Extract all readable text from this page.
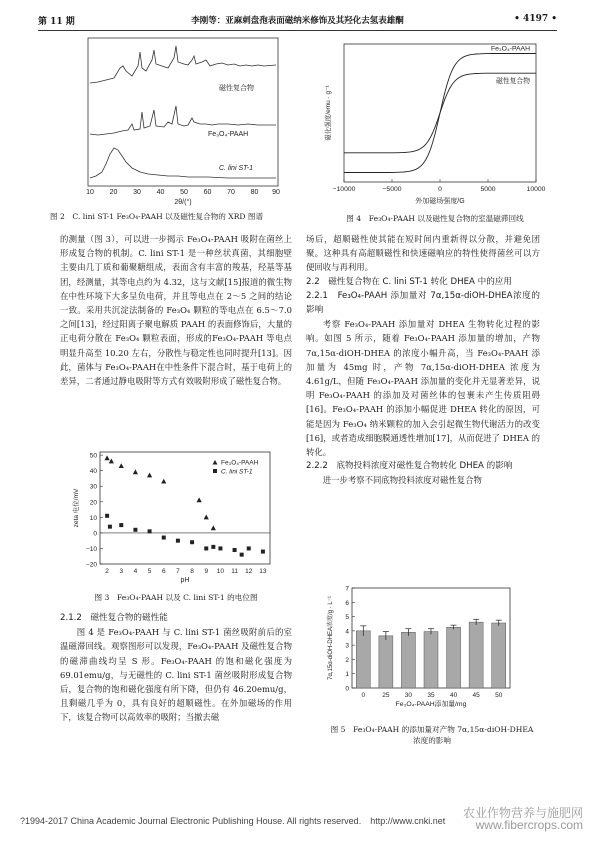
第 11 期	李刚等：亚麻刺盘孢表面磁纳米修饰及其羟化去氢表雄酮	• 4197 •
磁性复合物
Fe₃O₄-PAAH
C. lini ST-1
10 20 30 40 50 60 70 80 90
2θ/(°)
图 2　C. lini ST-1 Fe₃O₄-PAAH 以及磁性复合物的 XRD 图谱

的测量（图 3），可以进一步揭示 Fe₃O₄-PAAH 吸附在菌丝上形成复合物的机制。C. lini ST-1 是一种丝状真菌，其细胞壁主要由几丁质和葡聚糖组成，表面含有丰富的羧基，羟基等基团，经测量，其等电点约为 4.32，这与文献[15]报道的微生物在中性环境下大多呈负电荷，并且等电点在 2～5 之间的结论一致。采用共沉淀法制备的 Fe₃O₄ 颗粒的等电点在 6.5～7.0之间[13]，经过阳离子聚电解质 PAAH 的表面修饰后，大量的正电荷分散在 Fe₃O₄ 颗粒表面，形成的Fe₃O₄-PAAH 等电点明显升高至 10.20 左右，分散性与稳定性也同时提升[13]。因此，菌体与 Fe₃O₄-PAAH在中性条件下混合时，基于电荷上的差异，二者通过静电吸附等方式有效吸附形成了磁性复合物。

50
40
30
20
10
0
−10
−20
2 3 4 5 6 7 8 9 10 11 12 13
pH
zeta 电位/mV
Fe₃O₄-PAAH
C. lini ST-1
图 3　Fe₃O₄-PAAH 以及 C. lini ST-1 的电位图

2.1.2　磁性复合物的磁性能

图 4 是 Fe₃O₄-PAAH 与 C. lini ST-1 菌丝吸附前后的室温磁滞回线。观察图形可以发现，Fe₃O₄-PAAH 及磁性复合物的磁滞曲线均呈 S 形。Fe₃O₄-PAAH 的饱和磁化强度为 69.01emu/g，与无磁性的 C. lini ST-1 菌丝吸附形成复合物后，复合物的饱和磁化强度有所下降，但仍有 46.20emu/g，且剩磁几乎为 0，具有良好的超顺磁性。在外加磁场的作用下，该复合物可以高效率的吸附；当撤去磁

−10000	−5000	0	5000	10000
外加磁场强度/G
磁化强度/emu · g⁻¹
Fe₃O₄-PAAH
磁性复合物
图 4　Fe₃O₄-PAAH 以及磁性复合物的室温磁滞回线

场后，超顺磁性使其能在短时间内重新得以分散，并避免团聚。这种具有高超顺磁性和快速磁响应的特性使得菌丝可以方便回收与再利用。

2.2　磁性复合物在 C. lini ST-1 转化 DHEA 中的应用

2.2.1　Fe₃O₄-PAAH 添加量对 7α,15α-diOH-DHEA浓度的影响

考察 Fe₃O₄-PAAH 添加量对 DHEA 生物转化过程的影响。如图 5 所示，随着 Fe₃O₄-PAAH 添加量的增加，产物 7α,15α-diOH-DHEA 的浓度小幅升高，当 Fe₃O₄-PAAH 添加量为 45mg 时，产物 7α,15α-diOH-DHEA 浓度为 4.61g/L，但随 Fe₃O₄-PAAH 添加量的变化并无显著差异，说明 Fe₃O₄-PAAH 的添加及对菌丝体的包裹未产生传质阻碍[16]。Fe₃O₄-PAAH 的添加小幅促进 DHEA 转化的原因，可能是因为 Fe₃O₄ 纳米颗粒的加入会引起微生物代谢活力的改变[16]，或者造成细胞膜通透性增加[17]，从而促进了 DHEA 的转化。

2.2.2　底物投料浓度对磁性复合物转化 DHEA 的影响

进一步考察不同底物投料浓度对磁性复合物

7
6
5
4
3
2
1
0
0	25 30 35 40 45 50
Fe₃O₄-PAAH添加量/mg
7α,15α-diOH-DHEA浓度/g · L⁻¹
图 5　Fe₃O₄-PAAH 的添加量对产物 7α,15α-diOH-DHEA
浓度的影响
?1994-2017 China Academic Journal Electronic Publishing House. All rights reserved.　http://www.cnki.net
农业作物营养与施肥网
www.fibercrops.com
